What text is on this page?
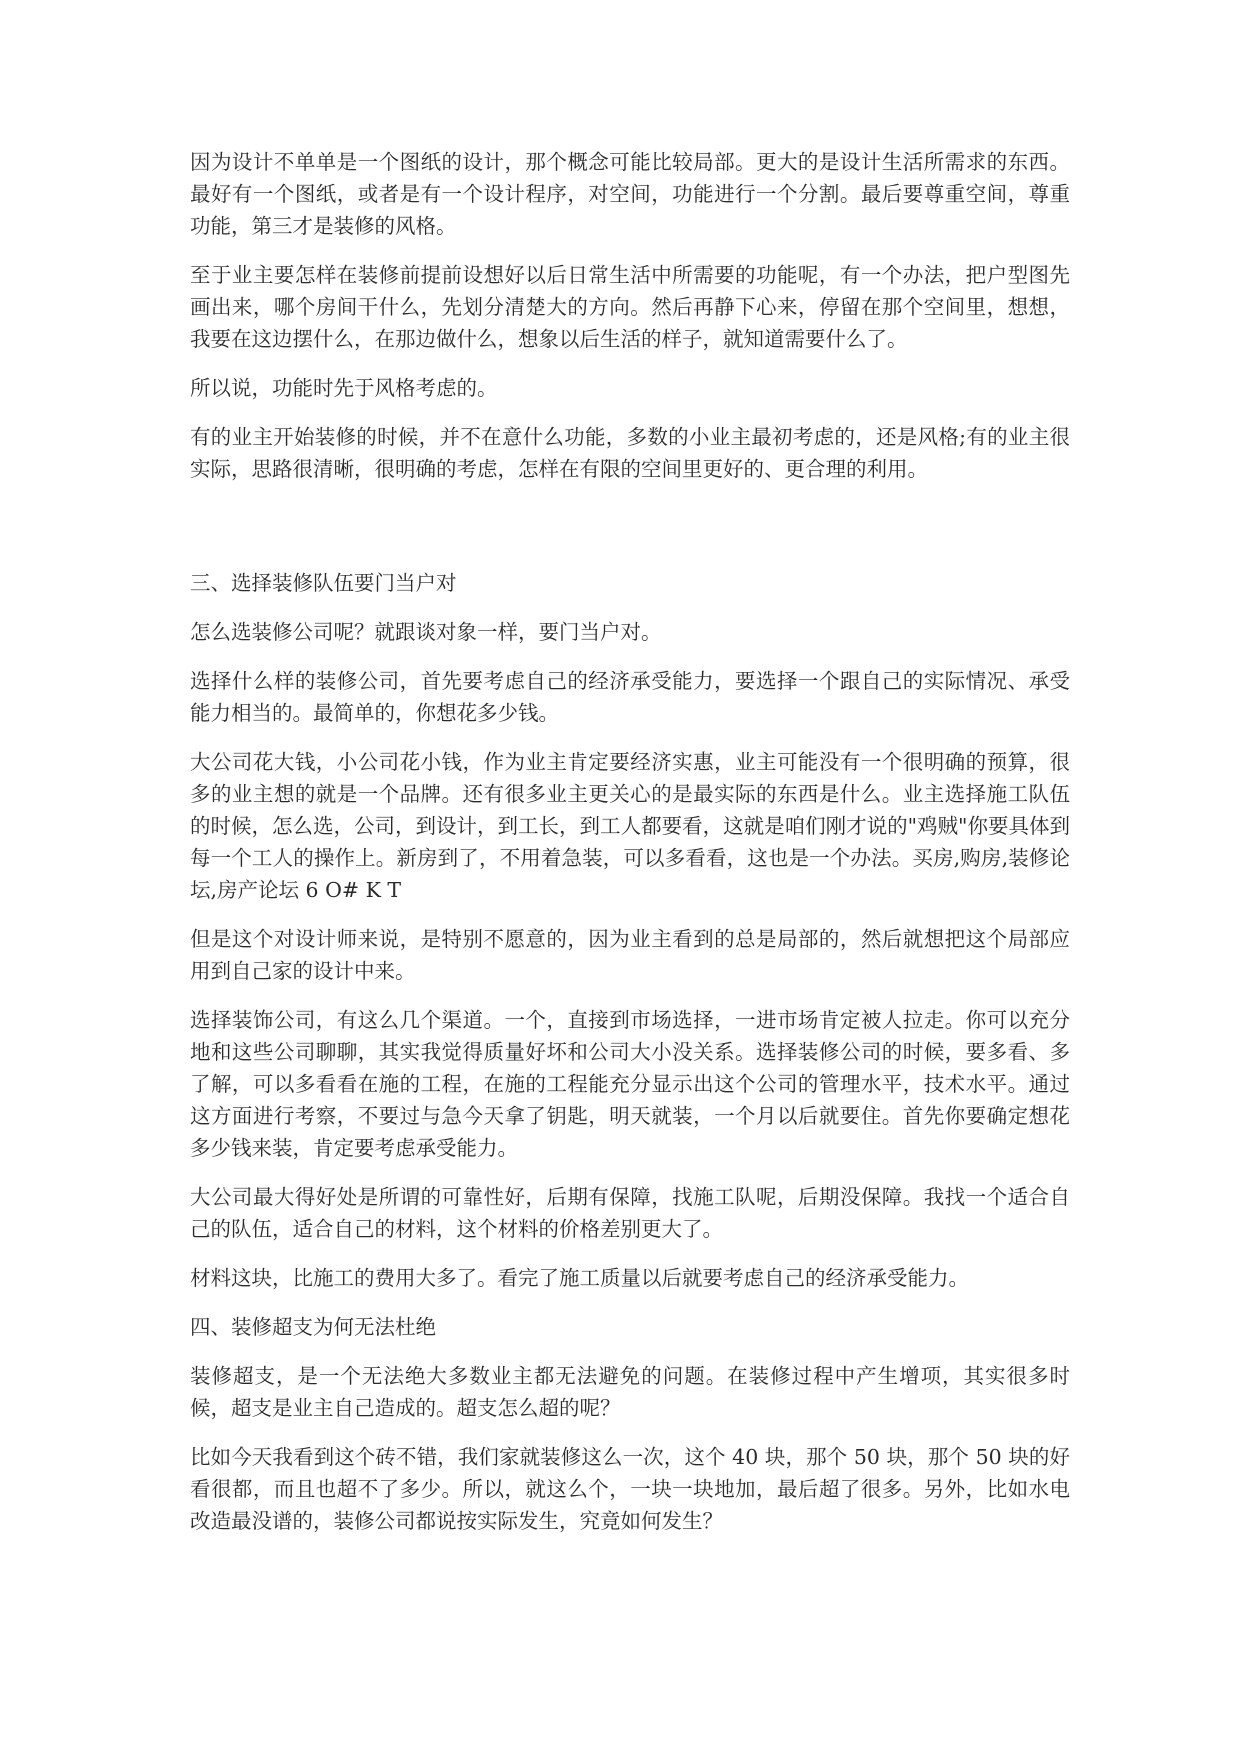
因为设计不单单是一个图纸的设计，那个概念可能比较局部。更大的是设计生活所需求的东西。最好有一个图纸，或者是有一个设计程序，对空间，功能进行一个分割。最后要尊重空间，尊重功能，第三才是装修的风格。

至于业主要怎样在装修前提前设想好以后日常生活中所需要的功能呢，有一个办法，把户型图先画出来，哪个房间干什么，先划分清楚大的方向。然后再静下心来，停留在那个空间里，想想，我要在这边摆什么，在那边做什么，想象以后生活的样子，就知道需要什么了。

所以说，功能时先于风格考虑的。

有的业主开始装修的时候，并不在意什么功能，多数的小业主最初考虑的，还是风格;有的业主很实际，思路很清晰，很明确的考虑，怎样在有限的空间里更好的、更合理的利用。

三、选择装修队伍要门当户对

怎么选装修公司呢？就跟谈对象一样，要门当户对。

选择什么样的装修公司，首先要考虑自己的经济承受能力，要选择一个跟自己的实际情况、承受能力相当的。最简单的，你想花多少钱。

大公司花大钱，小公司花小钱，作为业主肯定要经济实惠，业主可能没有一个很明确的预算，很多的业主想的就是一个品牌。还有很多业主更关心的是最实际的东西是什么。业主选择施工队伍的时候，怎么选，公司，到设计，到工长，到工人都要看，这就是咱们刚才说的"鸡贼"你要具体到每一个工人的操作上。新房到了，不用着急装，可以多看看，这也是一个办法。买房,购房,装修论坛,房产论坛 6 O# K T

但是这个对设计师来说，是特别不愿意的，因为业主看到的总是局部的，然后就想把这个局部应用到自己家的设计中来。

选择装饰公司，有这么几个渠道。一个，直接到市场选择，一进市场肯定被人拉走。你可以充分地和这些公司聊聊，其实我觉得质量好坏和公司大小没关系。选择装修公司的时候，要多看、多了解，可以多看看在施的工程，在施的工程能充分显示出这个公司的管理水平，技术水平。通过这方面进行考察，不要过与急今天拿了钥匙，明天就装，一个月以后就要住。首先你要确定想花多少钱来装，肯定要考虑承受能力。

大公司最大得好处是所谓的可靠性好，后期有保障，找施工队呢，后期没保障。我找一个适合自己的队伍，适合自己的材料，这个材料的价格差别更大了。

材料这块，比施工的费用大多了。看完了施工质量以后就要考虑自己的经济承受能力。

四、装修超支为何无法杜绝

装修超支，是一个无法绝大多数业主都无法避免的问题。在装修过程中产生增项，其实很多时候，超支是业主自己造成的。超支怎么超的呢？

比如今天我看到这个砖不错，我们家就装修这么一次，这个 40 块，那个 50 块，那个 50 块的好看很都，而且也超不了多少。所以，就这么个，一块一块地加，最后超了很多。另外，比如水电改造最没谱的，装修公司都说按实际发生，究竟如何发生？
